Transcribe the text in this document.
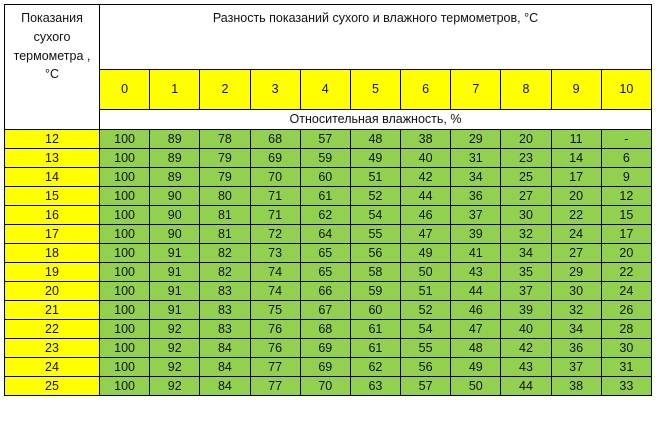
Показания сухого термометра , °С	Разность показаний сухого и влажного термометров, °С										
	0	1	2	3	4	5	6	7	8	9	10
	Относительная влажность, %										
12	100	89	78	68	57	48	38	29	20	11	-
13	100	89	79	69	59	49	40	31	23	14	6
14	100	89	79	70	60	51	42	34	25	17	9
15	100	90	80	71	61	52	44	36	27	20	12
16	100	90	81	71	62	54	46	37	30	22	15
17	100	90	81	72	64	55	47	39	32	24	17
18	100	91	82	73	65	56	49	41	34	27	20
19	100	91	82	74	65	58	50	43	35	29	22
20	100	91	83	74	66	59	51	44	37	30	24
21	100	91	83	75	67	60	52	46	39	32	26
22	100	92	83	76	68	61	54	47	40	34	28
23	100	92	84	76	69	61	55	48	42	36	30
24	100	92	84	77	69	62	56	49	43	37	31
25	100	92	84	77	70	63	57	50	44	38	33
